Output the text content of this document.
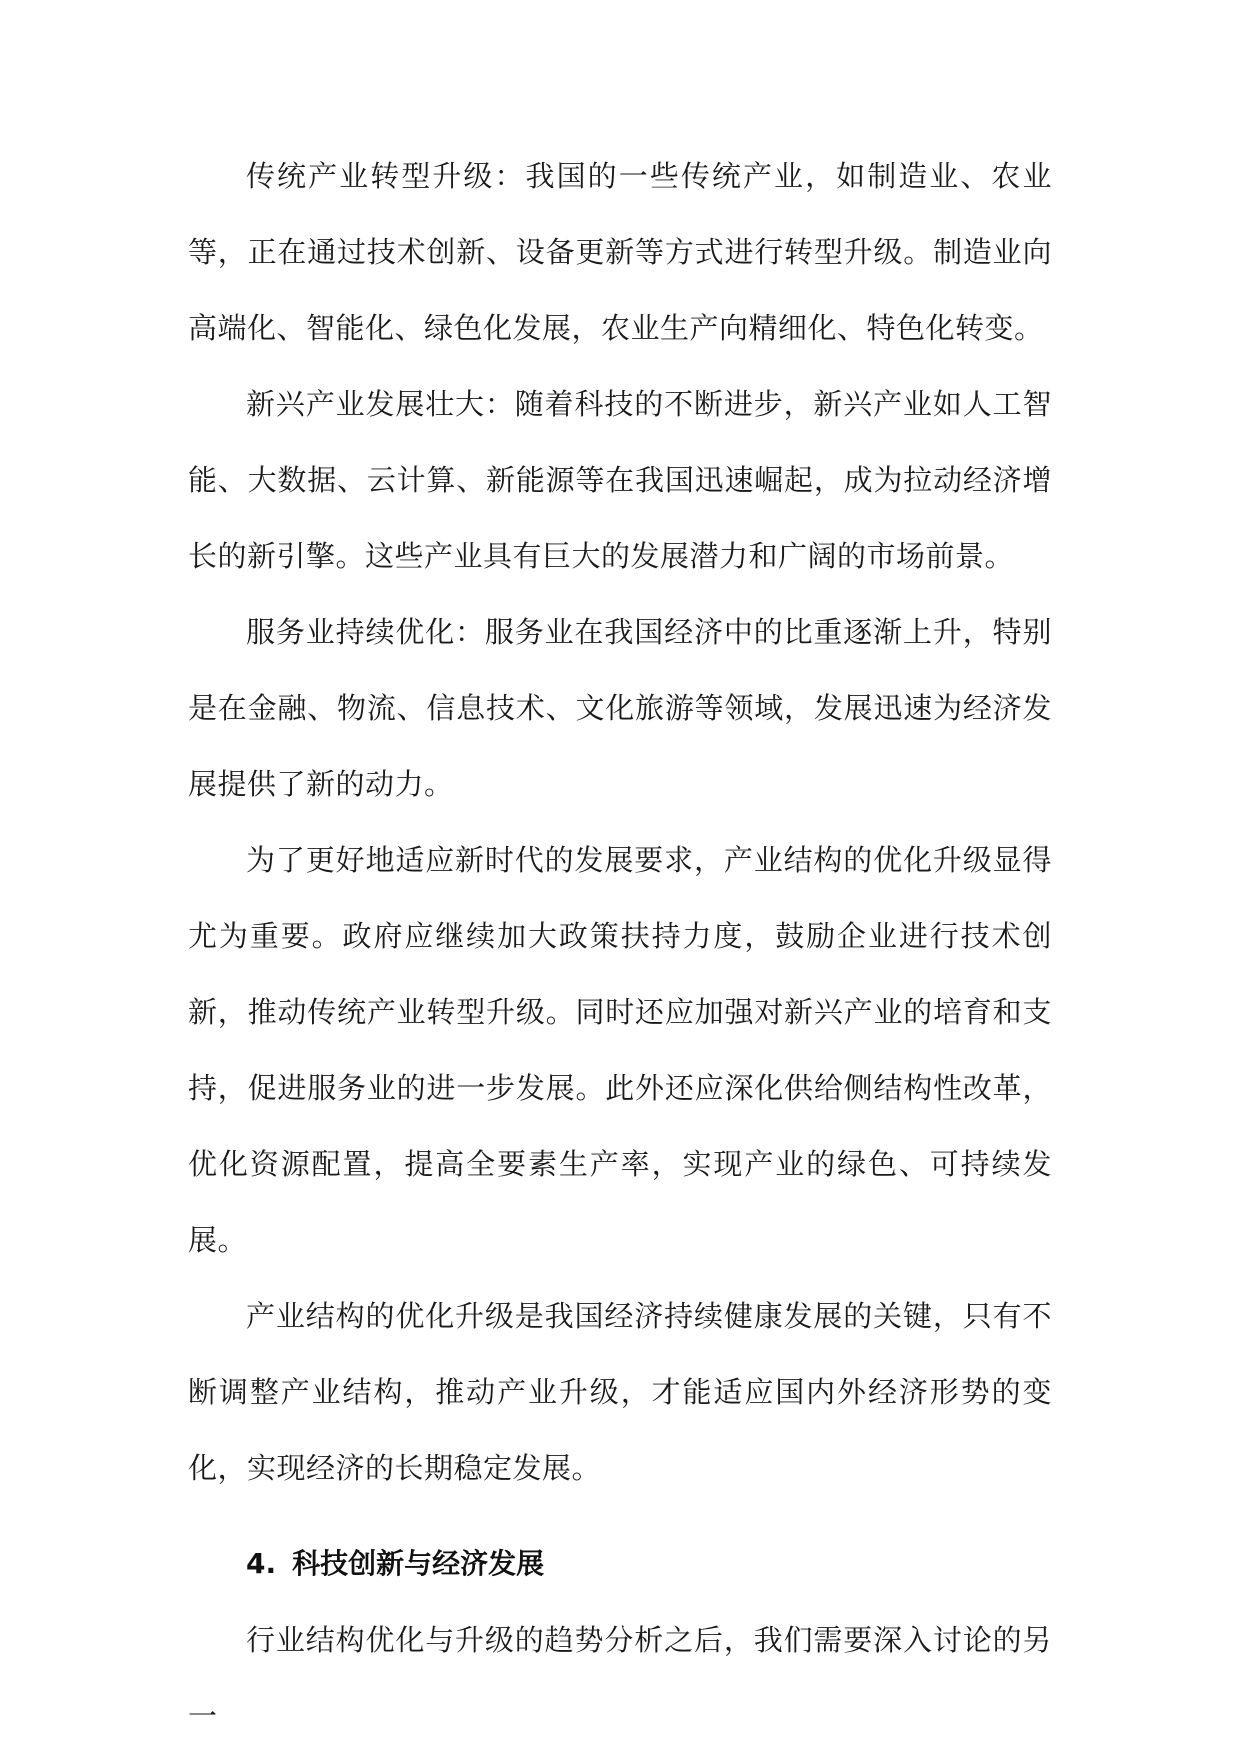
传统产业转型升级：我国的一些传统产业，如制造业、农业等，正在通过技术创新、设备更新等方式进行转型升级。制造业向高端化、智能化、绿色化发展，农业生产向精细化、特色化转变。

新兴产业发展壮大：随着科技的不断进步，新兴产业如人工智能、大数据、云计算、新能源等在我国迅速崛起，成为拉动经济增长的新引擎。这些产业具有巨大的发展潜力和广阔的市场前景。

服务业持续优化：服务业在我国经济中的比重逐渐上升，特别是在金融、物流、信息技术、文化旅游等领域，发展迅速为经济发展提供了新的动力。

为了更好地适应新时代的发展要求，产业结构的优化升级显得尤为重要。政府应继续加大政策扶持力度，鼓励企业进行技术创新，推动传统产业转型升级。同时还应加强对新兴产业的培育和支持，促进服务业的进一步发展。此外还应深化供给侧结构性改革，优化资源配置，提高全要素生产率，实现产业的绿色、可持续发展。

产业结构的优化升级是我国经济持续健康发展的关键，只有不断调整产业结构，推动产业升级，才能适应国内外经济形势的变化，实现经济的长期稳定发展。

4. 科技创新与经济发展

行业结构优化与升级的趋势分析之后，我们需要深入讨论的另一
